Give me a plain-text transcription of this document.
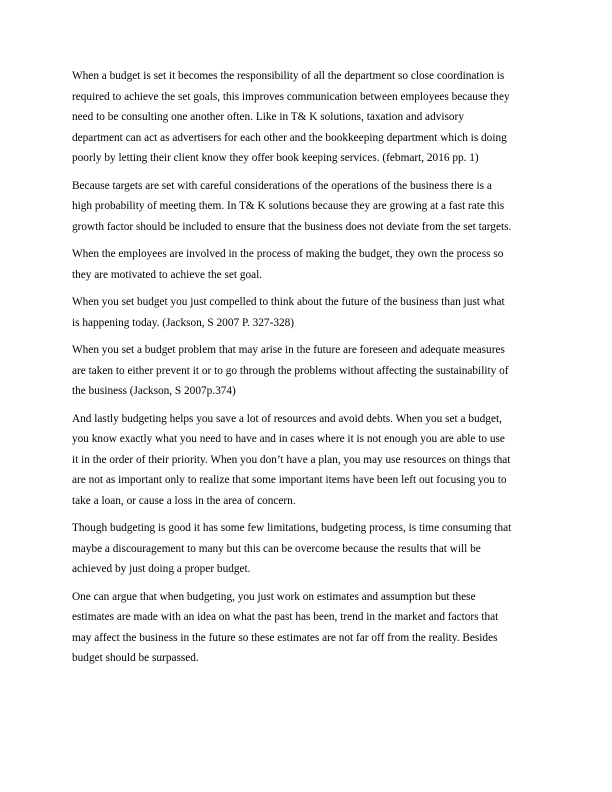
When a budget is set it becomes the responsibility of all the department so close coordination is
required to achieve the set goals, this improves communication between employees because they
need to be consulting one another often. Like in T& K solutions, taxation and advisory
department can act as advertisers for each other and the bookkeeping department which is doing
poorly by letting their client know they offer book keeping services. (febmart, 2016 pp. 1)

Because targets are set with careful considerations of the operations of the business there is a
high probability of meeting them. In T& K solutions because they are growing at a fast rate this
growth factor should be included to ensure that the business does not deviate from the set targets.

When the employees are involved in the process of making the budget, they own the process so
they are motivated to achieve the set goal.

When you set budget you just compelled to think about the future of the business than just what
is happening today. (Jackson, S 2007 P. 327-328)

When you set a budget problem that may arise in the future are foreseen and adequate measures
are taken to either prevent it or to go through the problems without affecting the sustainability of
the business (Jackson, S 2007p.374)

And lastly budgeting helps you save a lot of resources and avoid debts. When you set a budget,
you know exactly what you need to have and in cases where it is not enough you are able to use
it in the order of their priority. When you don’t have a plan, you may use resources on things that
are not as important only to realize that some important items have been left out focusing you to
take a loan, or cause a loss in the area of concern.

Though budgeting is good it has some few limitations, budgeting process, is time consuming that
maybe a discouragement to many but this can be overcome because the results that will be
achieved by just doing a proper budget.

One can argue that when budgeting, you just work on estimates and assumption but these
estimates are made with an idea on what the past has been, trend in the market and factors that
may affect the business in the future so these estimates are not far off from the reality. Besides
budget should be surpassed.
